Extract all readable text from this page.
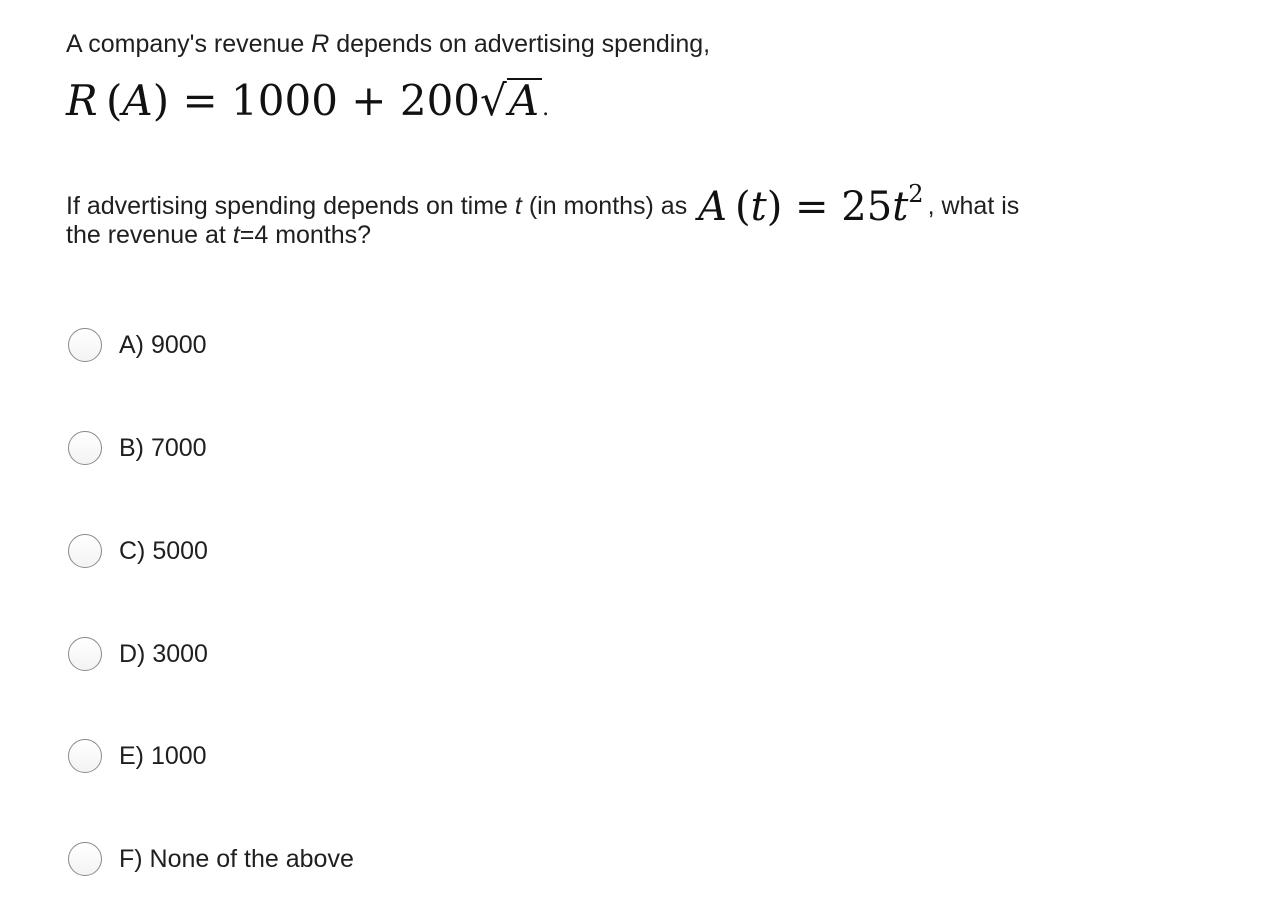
A company's revenue R depends on advertising spending,
R (A) = 1000 + 200√A .
If advertising spending depends on time t (in months) as A $(t) = 25t^2$ , what is
the revenue at t=4 months?
A) 9000
B) 7000
C) 5000
D) 3000
E) 1000
F) None of the above
